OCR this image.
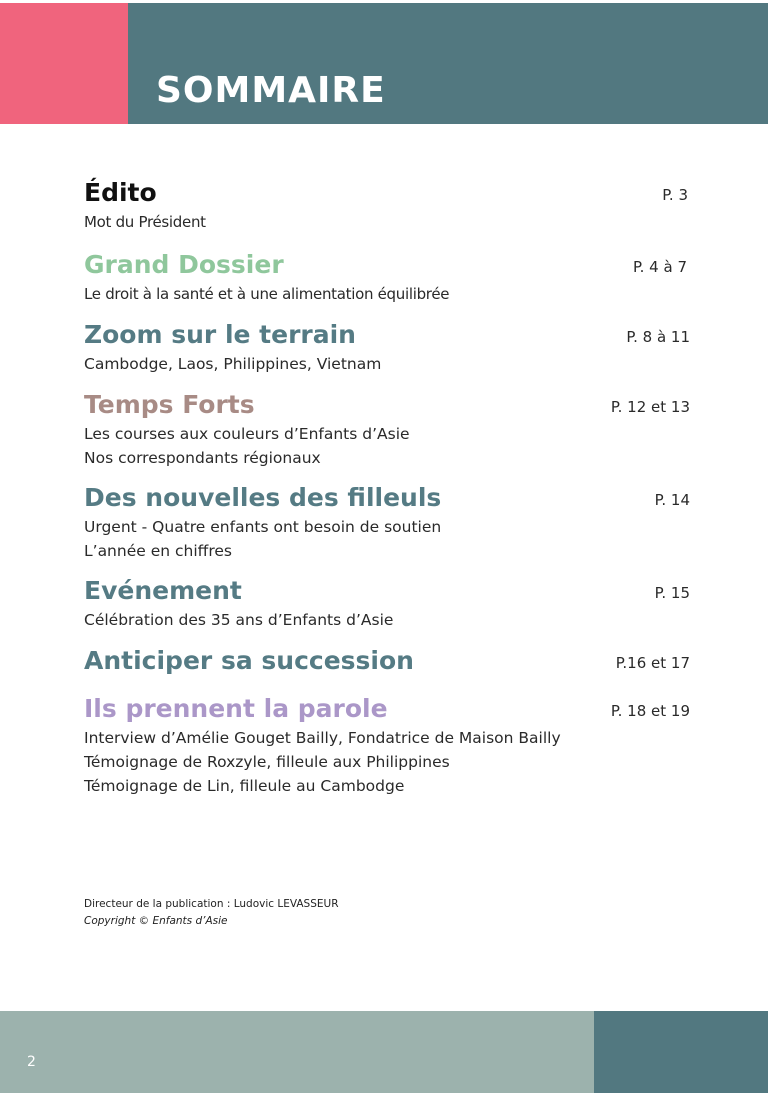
SOMMAIRE
Édito	P. 3
Mot du Président
Grand Dossier	P. 4 à 7
Le droit à la santé et à une alimentation équilibrée
Zoom sur le terrain	P. 8 à 11
Cambodge, Laos, Philippines, Vietnam
Temps Forts	P. 12 et 13
Les courses aux couleurs d’Enfants d’Asie
Nos correspondants régionaux
Des nouvelles des filleuls	P. 14
Urgent - Quatre enfants ont besoin de soutien
L’année en chiffres
Evénement	P. 15
Célébration des 35 ans d’Enfants d’Asie
Anticiper sa succession	P.16 et 17
Ils prennent la parole	P. 18 et 19
Interview d’Amélie Gouget Bailly, Fondatrice de Maison Bailly
Témoignage de Roxzyle, filleule aux Philippines
Témoignage de Lin, filleule au Cambodge
Directeur de la publication : Ludovic LEVASSEUR
Copyright © Enfants d’Asie
2
